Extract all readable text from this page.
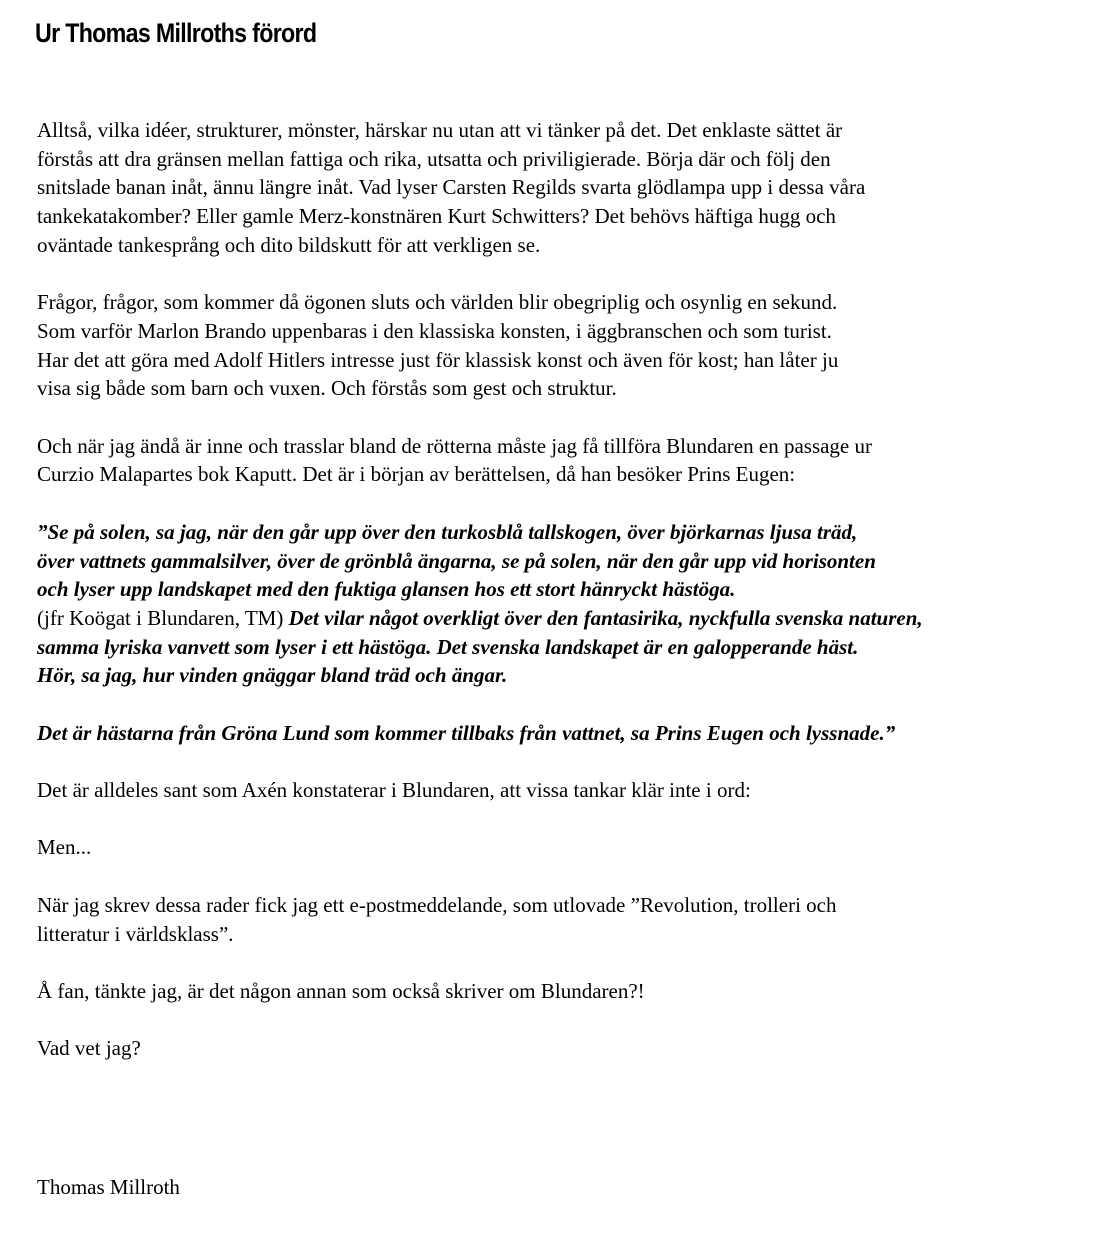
Ur Thomas Millroths förord

Alltså, vilka idéer, strukturer, mönster, härskar nu utan att vi tänker på det. Det enklaste sättet är
förstås att dra gränsen mellan fattiga och rika, utsatta och priviligierade. Börja där och följ den
snitslade banan inåt, ännu längre inåt. Vad lyser Carsten Regilds svarta glödlampa upp i dessa våra
tankekatakomber? Eller gamle Merz-konstnären Kurt Schwitters? Det behövs häftiga hugg och
oväntade tankesprång och dito bildskutt för att verkligen se.

Frågor, frågor, som kommer då ögonen sluts och världen blir obegriplig och osynlig en sekund.
Som varför Marlon Brando uppenbaras i den klassiska konsten, i äggbranschen och som turist.
Har det att göra med Adolf Hitlers intresse just för klassisk konst och även för kost; han låter ju
visa sig både som barn och vuxen. Och förstås som gest och struktur.

Och när jag ändå är inne och trasslar bland de rötterna måste jag få tillföra Blundaren en passage ur
Curzio Malapartes bok Kaputt. Det är i början av berättelsen, då han besöker Prins Eugen:

”Se på solen, sa jag, när den går upp över den turkosblå tallskogen, över björkarnas ljusa träd,
över vattnets gammalsilver, över de grönblå ängarna, se på solen, när den går upp vid horisonten
och lyser upp landskapet med den fuktiga glansen hos ett stort hänryckt hästöga.
(jfr Koögat i Blundaren, TM) Det vilar något overkligt över den fantasirika, nyckfulla svenska naturen,
samma lyriska vanvett som lyser i ett hästöga. Det svenska landskapet är en galopperande häst.
Hör, sa jag, hur vinden gnäggar bland träd och ängar.

Det är hästarna från Gröna Lund som kommer tillbaks från vattnet, sa Prins Eugen och lyssnade.”

Det är alldeles sant som Axén konstaterar i Blundaren, att vissa tankar klär inte i ord:

Men...

När jag skrev dessa rader fick jag ett e-postmeddelande, som utlovade ”Revolution, trolleri och
litteratur i världsklass”.

Å fan, tänkte jag, är det någon annan som också skriver om Blundaren?!

Vad vet jag?

Thomas Millroth
